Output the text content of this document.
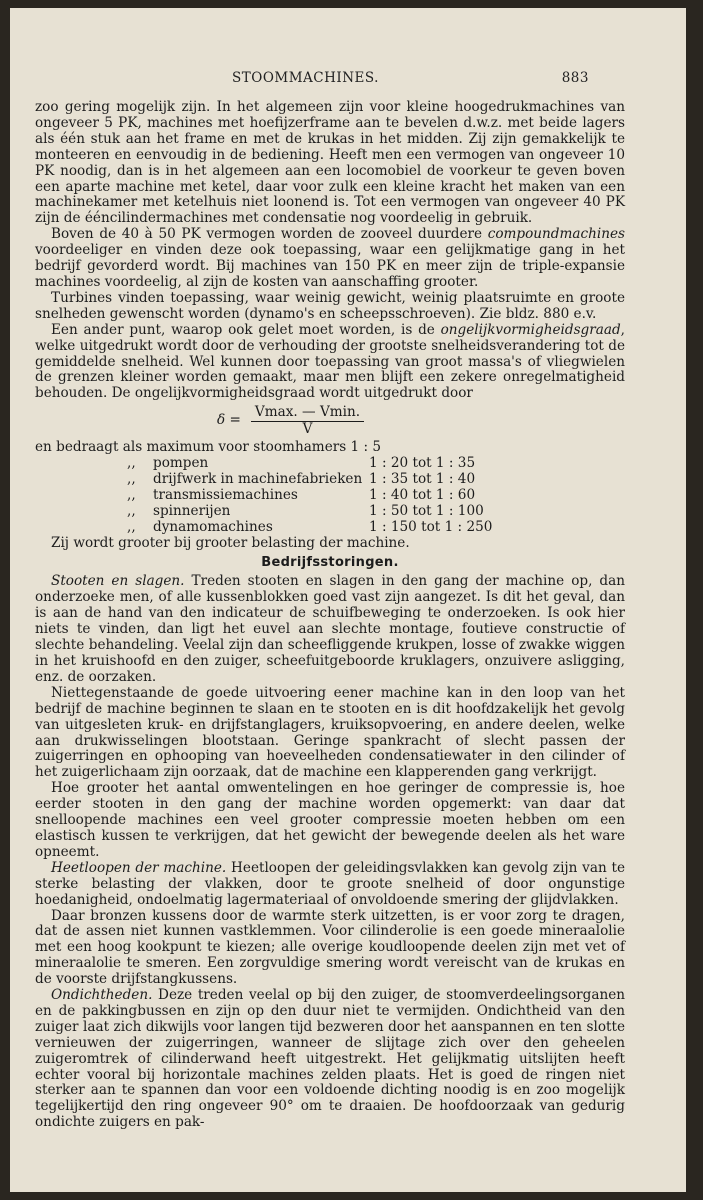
STOOMMACHINES.	883

zoo gering mogelijk zijn. In het algemeen zijn voor kleine hoogedrukmachines van ongeveer 5 PK, machines met hoefijzerframe aan te bevelen d.w.z. met beide lagers als één stuk aan het frame en met de krukas in het midden. Zij zijn gemakkelijk te monteeren en eenvoudig in de bediening. Heeft men een vermogen van ongeveer 10 PK noodig, dan is in het algemeen aan een locomobiel de voorkeur te geven boven een aparte machine met ketel, daar voor zulk een kleine kracht het maken van een machinekamer met ketelhuis niet loonend is. Tot een vermogen van ongeveer 40 PK zijn de ééncilindermachines met condensatie nog voordeelig in gebruik.

Boven de 40 à 50 PK vermogen worden de zooveel duurdere compoundmachines voordeeliger en vinden deze ook toepassing, waar een gelijkmatige gang in het bedrijf gevorderd wordt. Bij machines van 150 PK en meer zijn de triple-expansie machines voordeelig, al zijn de kosten van aanschaffing grooter.

Turbines vinden toepassing, waar weinig gewicht, weinig plaatsruimte en groote snelheden gewenscht worden (dynamo's en scheepsschroeven). Zie bldz. 880 e.v.

Een ander punt, waarop ook gelet moet worden, is de ongelijkvormigheidsgraad, welke uitgedrukt wordt door de verhouding der grootste snelheidsverandering tot de gemiddelde snelheid. Wel kunnen door toepassing van groot massa's of vliegwielen de grenzen kleiner worden gemaakt, maar men blijft een zekere onregelmatigheid behouden. De ongelijkvormigheidsgraad wordt uitgedrukt door

$\delta = \frac{Vmax. — Vmin.}{V}$

en bedraagt als maximum voor stoomhamers 1 : 5

,,	pompen	1 : 20 tot 1 : 35
,,	drijfwerk in machinefabrieken 1 : 35 tot 1 : 40
,,	transmissiemachines	1 : 40 tot 1 : 60
,,	spinnerijen	1 : 50 tot 1 : 100
,,	dynamomachines	1 : 150 tot 1 : 250

Zij wordt grooter bij grooter belasting der machine.

Bedrijfsstoringen.

Stooten en slagen. Treden stooten en slagen in den gang der machine op, dan onderzoeke men, of alle kussenblokken goed vast zijn aangezet. Is dit het geval, dan is aan de hand van den indicateur de schuifbeweging te onderzoeken. Is ook hier niets te vinden, dan ligt het euvel aan slechte montage, foutieve constructie of slechte behandeling. Veelal zijn dan scheefliggende krukpen, losse of zwakke wiggen in het kruishoofd en den zuiger, scheefuitgeboorde kruklagers, onzuivere asligging, enz. de oorzaken.

Niettegenstaande de goede uitvoering eener machine kan in den loop van het bedrijf de machine beginnen te slaan en te stooten en is dit hoofdzakelijk het gevolg van uitgesleten kruk- en drijfstanglagers, kruiksopvoering, en andere deelen, welke aan drukwisselingen blootstaan. Geringe spankracht of slecht passen der zuigerringen en ophooping van hoeveelheden condensatiewater in den cilinder of het zuigerlichaam zijn oorzaak, dat de machine een klapperenden gang verkrijgt.

Hoe grooter het aantal omwentelingen en hoe geringer de compressie is, hoe eerder stooten in den gang der machine worden opgemerkt: van daar dat snelloopende machines een veel grooter compressie moeten hebben om een elastisch kussen te verkrijgen, dat het gewicht der bewegende deelen als het ware opneemt.

Heetloopen der machine. Heetloopen der geleidingsvlakken kan gevolg zijn van te sterke belasting der vlakken, door te groote snelheid of door ongunstige hoedanigheid, ondoelmatig lagermateriaal of onvoldoende smering der glijdvlakken.

Daar bronzen kussens door de warmte sterk uitzetten, is er voor zorg te dragen, dat de assen niet kunnen vastklemmen. Voor cilinderolie is een goede mineraalolie met een hoog kookpunt te kiezen; alle overige koudloopende deelen zijn met vet of mineraalolie te smeren. Een zorgvuldige smering wordt vereischt van de krukas en de voorste drijfstangkussens.

Ondichtheden. Deze treden veelal op bij den zuiger, de stoomverdeelingsorganen en de pakkingbussen en zijn op den duur niet te vermijden. Ondichtheid van den zuiger laat zich dikwijls voor langen tijd bezweren door het aanspannen en ten slotte vernieuwen der zuigerringen, wanneer de slijtage zich over den geheelen zuigeromtrek of cilinderwand heeft uitgestrekt. Het gelijkmatig uitslijten heeft echter vooral bij horizontale machines zelden plaats. Het is goed de ringen niet sterker aan te spannen dan voor een voldoende dichting noodig is en zoo mogelijk tegelijkertijd den ring ongeveer 90° om te draaien. De hoofdoorzaak van gedurig ondichte zuigers en pak-
